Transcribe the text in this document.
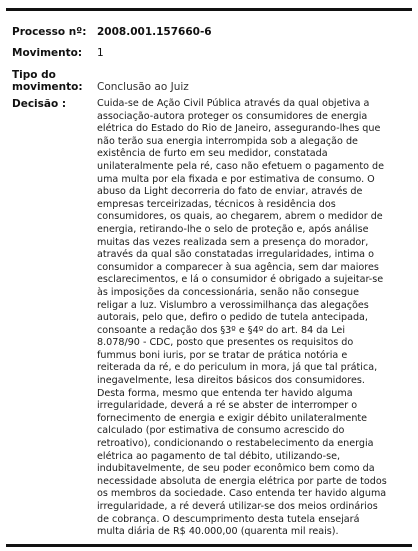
Processo nº: 2008.001.157660-6
Movimento: 1
Tipo do
movimento: Conclusão ao Juiz
Decisão :	Cuida-se de Ação Civil Pública através da qual objetiva a
associação-autora proteger os consumidores de energia
elétrica do Estado do Rio de Janeiro, assegurando-lhes que
não terão sua energia interrompida sob a alegação de
existência de furto em seu medidor, constatada
unilateralmente pela ré, caso não efetuem o pagamento de
uma multa por ela fixada e por estimativa de consumo. O
abuso da Light decorreria do fato de enviar, através de
empresas terceirizadas, técnicos à residência dos
consumidores, os quais, ao chegarem, abrem o medidor de
energia, retirando-lhe o selo de proteção e, após análise
muitas das vezes realizada sem a presença do morador,
através da qual são constatadas irregularidades, intima o
consumidor a comparecer à sua agência, sem dar maiores
esclarecimentos, e lá o consumidor é obrigado a sujeitar-se
às imposições da concessionária, senão não consegue
religar a luz. Vislumbro a verossimilhança das alegações
autorais, pelo que, defiro o pedido de tutela antecipada,
consoante a redação dos §3º e §4º do art. 84 da Lei
8.078/90 - CDC, posto que presentes os requisitos do
fummus boni iuris, por se tratar de prática notória e
reiterada da ré, e do periculum in mora, já que tal prática,
inegavelmente, lesa direitos básicos dos consumidores.
Desta forma, mesmo que entenda ter havido alguma
irregularidade, deverá a ré se abster de interromper o
fornecimento de energia e exigir débito unilateralmente
calculado (por estimativa de consumo acrescido do
retroativo), condicionando o restabelecimento da energia
elétrica ao pagamento de tal débito, utilizando-se,
indubitavelmente, de seu poder econômico bem como da
necessidade absoluta de energia elétrica por parte de todos
os membros da sociedade. Caso entenda ter havido alguma
irregularidade, a ré deverá utilizar-se dos meios ordinários
de cobrança. O descumprimento desta tutela ensejará
multa diária de R$ 40.000,00 (quarenta mil reais).
